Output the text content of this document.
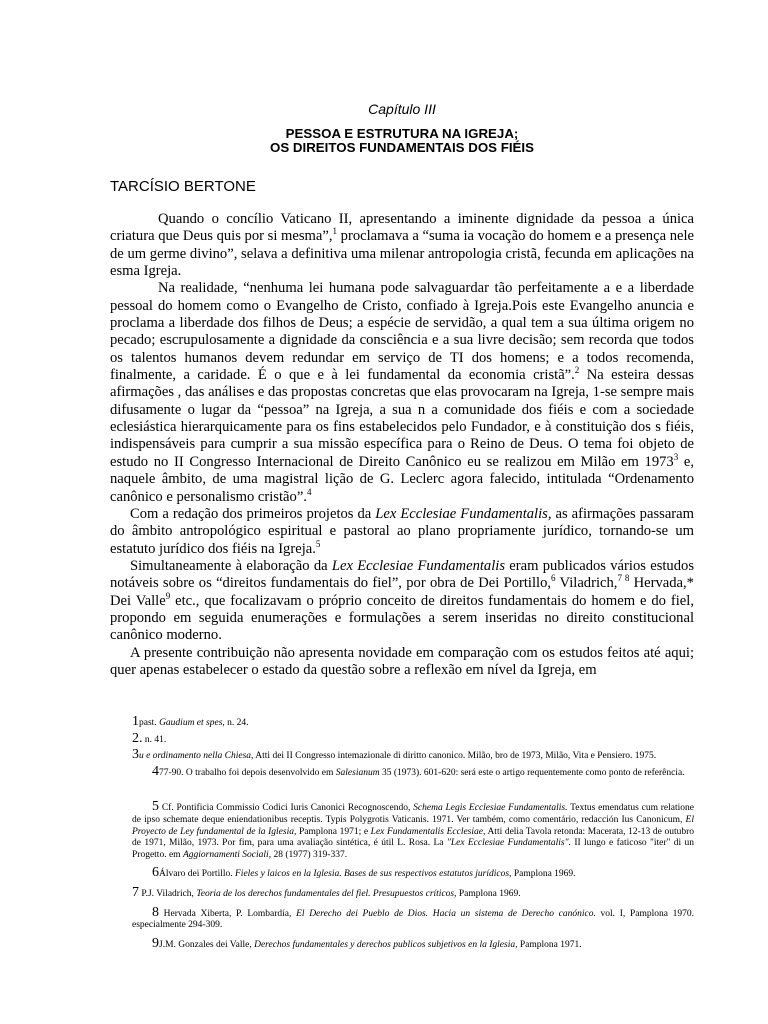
Capítulo III
PESSOA E ESTRUTURA NA IGREJA;
OS DIREITOS FUNDAMENTAIS DOS FIÉIS
TARCÍSIO BERTONE

Quando o concílio Vaticano II, apresentando a iminente dignidade da pessoa a única criatura que Deus quis por si mesma”,$^1$ proclamava a “suma ia vocação do homem e a presença nele de um germe divino”, selava a definitiva uma milenar antropologia cristã, fecunda em aplicações na esma Igreja.

Na realidade, “nenhuma lei humana pode salvaguardar tão perfeitamente a e a liberdade pessoal do homem como o Evangelho de Cristo, confiado à Igreja.Pois este Evangelho anuncia e proclama a liberdade dos filhos de Deus; a espécie de servidão, a qual tem a sua última origem no pecado; escrupulosamente a dignidade da consciência e a sua livre decisão; sem recorda que todos os talentos humanos devem redundar em serviço de TI dos homens; e a todos recomenda, finalmente, a caridade. É o que e à lei fundamental da economia cristã”.$^2$ Na esteira dessas afirmações , das análises e das propostas concretas que elas provocaram na Igreja, 1-se sempre mais difusamente o lugar da “pessoa” na Igreja, a sua n a comunidade dos fiéis e com a sociedade eclesiástica hierarquicamente para os fins estabelecidos pelo Fundador, e à constituição dos s fiéis, indispensáveis para cumprir a sua missão específica para o Reino de Deus. O tema foi objeto de estudo no II Congresso Internacional de Direito Canônico eu se realizou em Milão em 1973$^3$ e, naquele âmbito, de uma magistral lição de G. Leclerc agora falecido, intitulada “Ordenamento canônico e personalismo cristão”.$^4$

Com a redação dos primeiros projetos da Lex Ecclesiae Fundamentalis, as afirmações passaram do âmbito antropológico espiritual e pastoral ao plano propriamente jurídico, tornando-se um estatuto jurídico dos fiéis na Igreja.$^5$

Simultaneamente à elaboração da Lex Ecclesiae Fundamentalis eram publicados vários estudos notáveis sobre os “direitos fundamentais do fiel”, por obra de Dei Portillo,$^6$ Viladrich,$^{7 8}$ Hervada,* Dei Valle$^9$ etc., que focalizavam o próprio conceito de direitos fundamentais do homem e do fiel, propondo em seguida enumerações e formulações a serem inseridas no direito constitucional canônico moderno.

A presente contribuição não apresenta novidade em comparação com os estudos feitos até aqui; quer apenas estabelecer o estado da questão sobre a reflexão em nível da Igreja, em

1past. Gaudium et spes, n. 24.
2. n. 41.
3u e ordinamento nella Chiesa, Atti dei II Congresso intemazionale di diritto canonico. Milão, bro de 1973, Milão, Vita e Pensiero. 1975.
477-90. O trabalho foi depois desenvolvido em Salesianum 35 (1973). 601-620: será este o artigo requentemente como ponto de referência.
5 Cf. Pontificia Commissio Codici Iuris Canonici Recognoscendo, Schema Legis Ecclesiae Fundamentalis. Textus emendatus cum relatione de ipso schemate deque eniendationibus receptis. Typis Polygrotis Vaticanis. 1971. Ver também, como comentário, redacción Ius Canonicum, El Proyecto de Ley fundamental de la Iglesia, Pamplona 1971; e Lex Fundamentalis Ecclesiae, Atti delia Tavola retonda: Macerata, 12-13 de outubro de 1971, Milão, 1973. Por fim, para uma avaliação sintética, é útil L. Rosa. La "Lex Ecclesiae Fundamentalis". II lungo e faticoso "iter" di un Progetto. em Aggiornamenti Sociali, 28 (1977) 319-337.
6Álvaro dei Portillo. Fieles y laicos en la Iglesia. Bases de sus respectivos estatutos jurídicos, Pamplona 1969.
7 P.J. Viladrich, Teoria de los derechos fundamentales del fiel. Presupuestos críticos, Pamplona 1969.
8 Hervada Xiberta, P. Lombardía, El Derecho dei Pueblo de Dios. Hacia un sistema de Derecho canónico. vol. I, Pamplona 1970. especialmente 294-309.
9J.M. Gonzales dei Valle, Derechos fundamentales y derechos publicos subjetivos en la Iglesia, Pamplona 1971.
